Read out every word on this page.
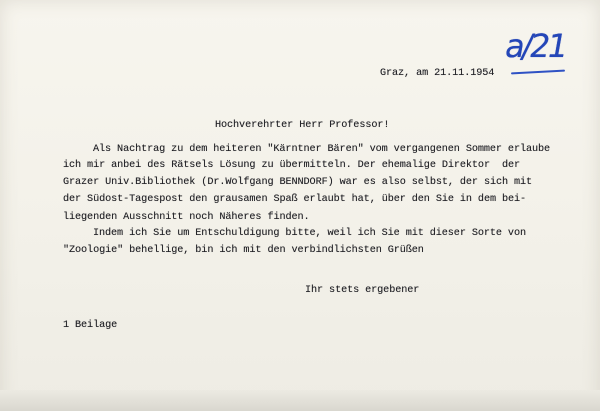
a/21
Graz, am 21.11.1954
Hochverehrter Herr Professor!
Als Nachtrag zu dem heiteren "Kärntner Bären" vom vergangenen Sommer erlaube
ich mir anbei des Rätsels Lösung zu übermitteln. Der ehemalige Direktor  der
Grazer Univ.Bibliothek (Dr.Wolfgang BENNDORF) war es also selbst, der sich mit
der Südost-Tagespost den grausamen Spaß erlaubt hat, über den Sie in dem bei-
liegenden Ausschnitt noch Näheres finden.
Indem ich Sie um Entschuldigung bitte, weil ich Sie mit dieser Sorte von
"Zoologie" behellige, bin ich mit den verbindlichsten Grüßen
Ihr stets ergebener
1 Beilage
